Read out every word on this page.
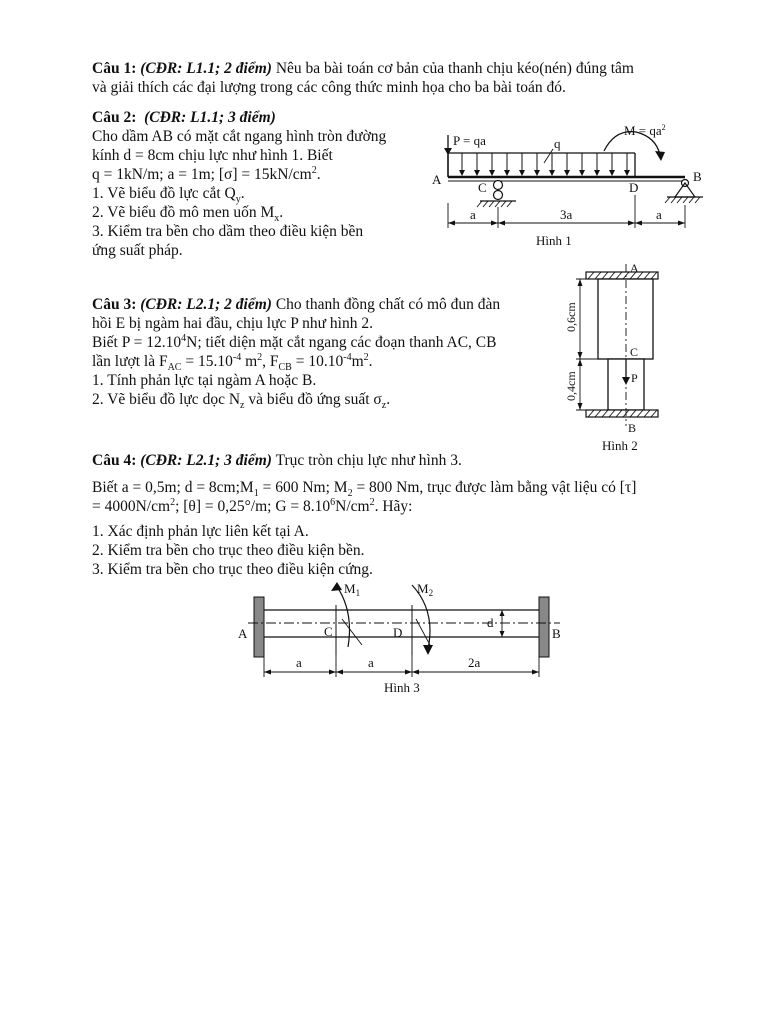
Câu 1: (CĐR: L1.1; 2 điểm) Nêu ba bài toán cơ bản của thanh chịu kéo(nén) đúng tâm

và giải thích các đại lượng trong các công thức minh họa cho ba bài toán đó.

Câu 2: (CĐR: L1.1; 3 điểm)

Cho dầm AB có mặt cắt ngang hình tròn đường

kính d = 8cm chịu lực như hình 1. Biết

q = 1kN/m; a = 1m; $[\sigma] = 15kN/cm^2$.

1. Vẽ biểu đồ lực cắt $Q_y$.

2. Vẽ biểu đồ mô men uốn $M_x$.

3. Kiểm tra bền cho dầm theo điều kiện bền

ứng suất pháp.

P = qa	q
$M = qa^2$
A	B
C	D
a	3a	a
Hình 1

Câu 3: (CĐR: L2.1; 2 điểm) Cho thanh đồng chất có mô đun đàn

hồi E bị ngàm hai đầu, chịu lực P như hình 2.

Biết $P = 12.10^4N$; tiết diện mặt cắt ngang các đoạn thanh AC, CB

lần lượt là $F_{AC} = 15.10^{-4}$ $m^2$, $F_{CB} = 10.10^{-4}m^2$.

1. Tính phản lực tại ngàm A hoặc B.

2. Vẽ biểu đồ lực dọc $N_z$ và biểu đồ ứng suất $\sigma_z$.

A
C
P
B
0,6cm
0,4cm
Hình 2

Câu 4: (CĐR: L2.1; 3 điểm) Trục tròn chịu lực như hình 3.

Biết a = 0,5m; $d = 8cm;M_1 = 600$ Nm; $M_2 = 800$ Nm, trục được làm bằng vật liệu có [τ]

= $4000N/cm^2$; [θ] = 0,25°/m; $G = 8.10^6N/cm^2$. Hãy:

1. Xác định phản lực liên kết tại A.

2. Kiểm tra bền cho trục theo điều kiện bền.

3. Kiểm tra bền cho trục theo điều kiện cứng.

$M_1$	$M_2$
A	B
C	D
d
a	a	2a
Hình 3
